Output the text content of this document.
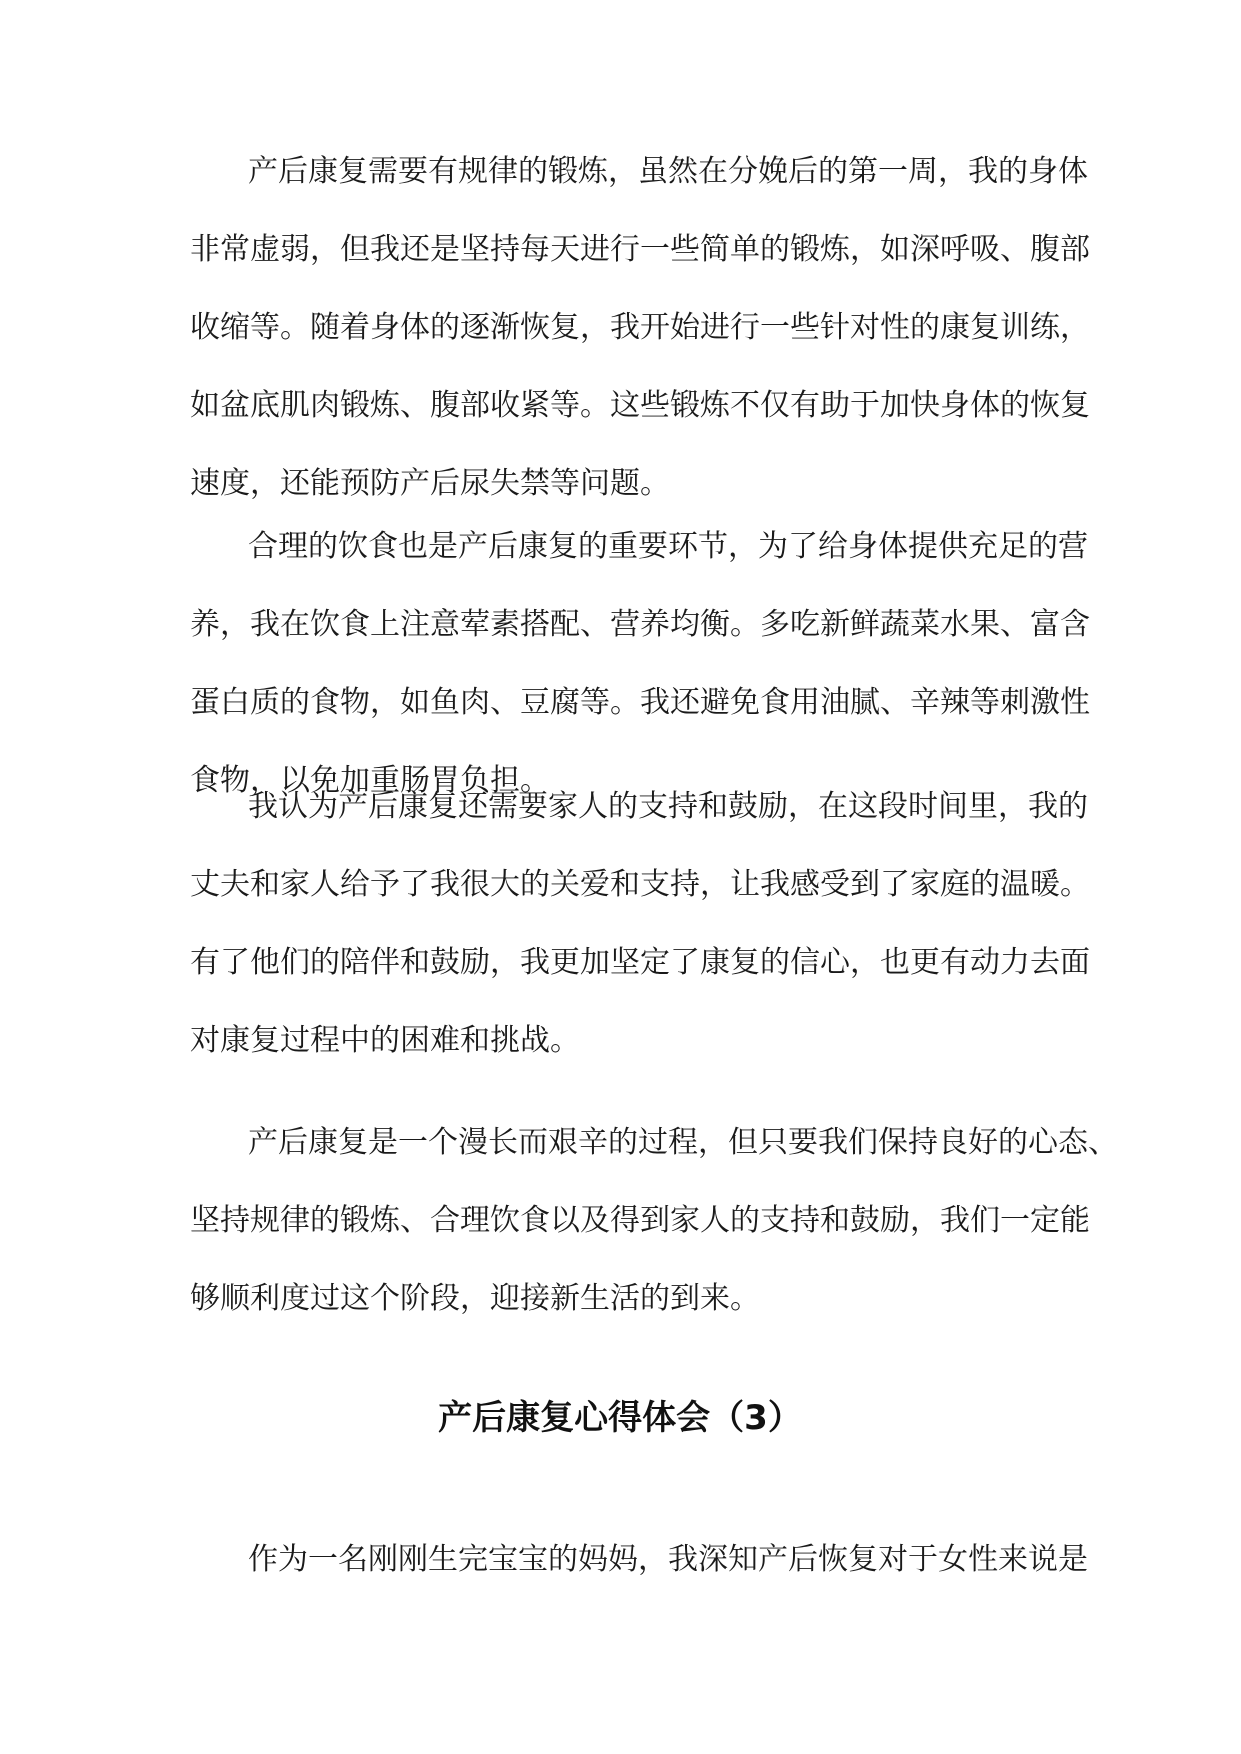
产后康复需要有规律的锻炼，虽然在分娩后的第一周，我的身体
非常虚弱，但我还是坚持每天进行一些简单的锻炼，如深呼吸、腹部
收缩等。随着身体的逐渐恢复，我开始进行一些针对性的康复训练，
如盆底肌肉锻炼、腹部收紧等。这些锻炼不仅有助于加快身体的恢复
速度，还能预防产后尿失禁等问题。

合理的饮食也是产后康复的重要环节，为了给身体提供充足的营
养，我在饮食上注意荤素搭配、营养均衡。多吃新鲜蔬菜水果、富含
蛋白质的食物，如鱼肉、豆腐等。我还避免食用油腻、辛辣等刺激性
食物，以免加重肠胃负担。

我认为产后康复还需要家人的支持和鼓励，在这段时间里，我的
丈夫和家人给予了我很大的关爱和支持，让我感受到了家庭的温暖。
有了他们的陪伴和鼓励，我更加坚定了康复的信心，也更有动力去面
对康复过程中的困难和挑战。

产后康复是一个漫长而艰辛的过程，但只要我们保持良好的心态、
坚持规律的锻炼、合理饮食以及得到家人的支持和鼓励，我们一定能
够顺利度过这个阶段，迎接新生活的到来。

产后康复心得体会（3）

作为一名刚刚生完宝宝的妈妈，我深知产后恢复对于女性来说是
